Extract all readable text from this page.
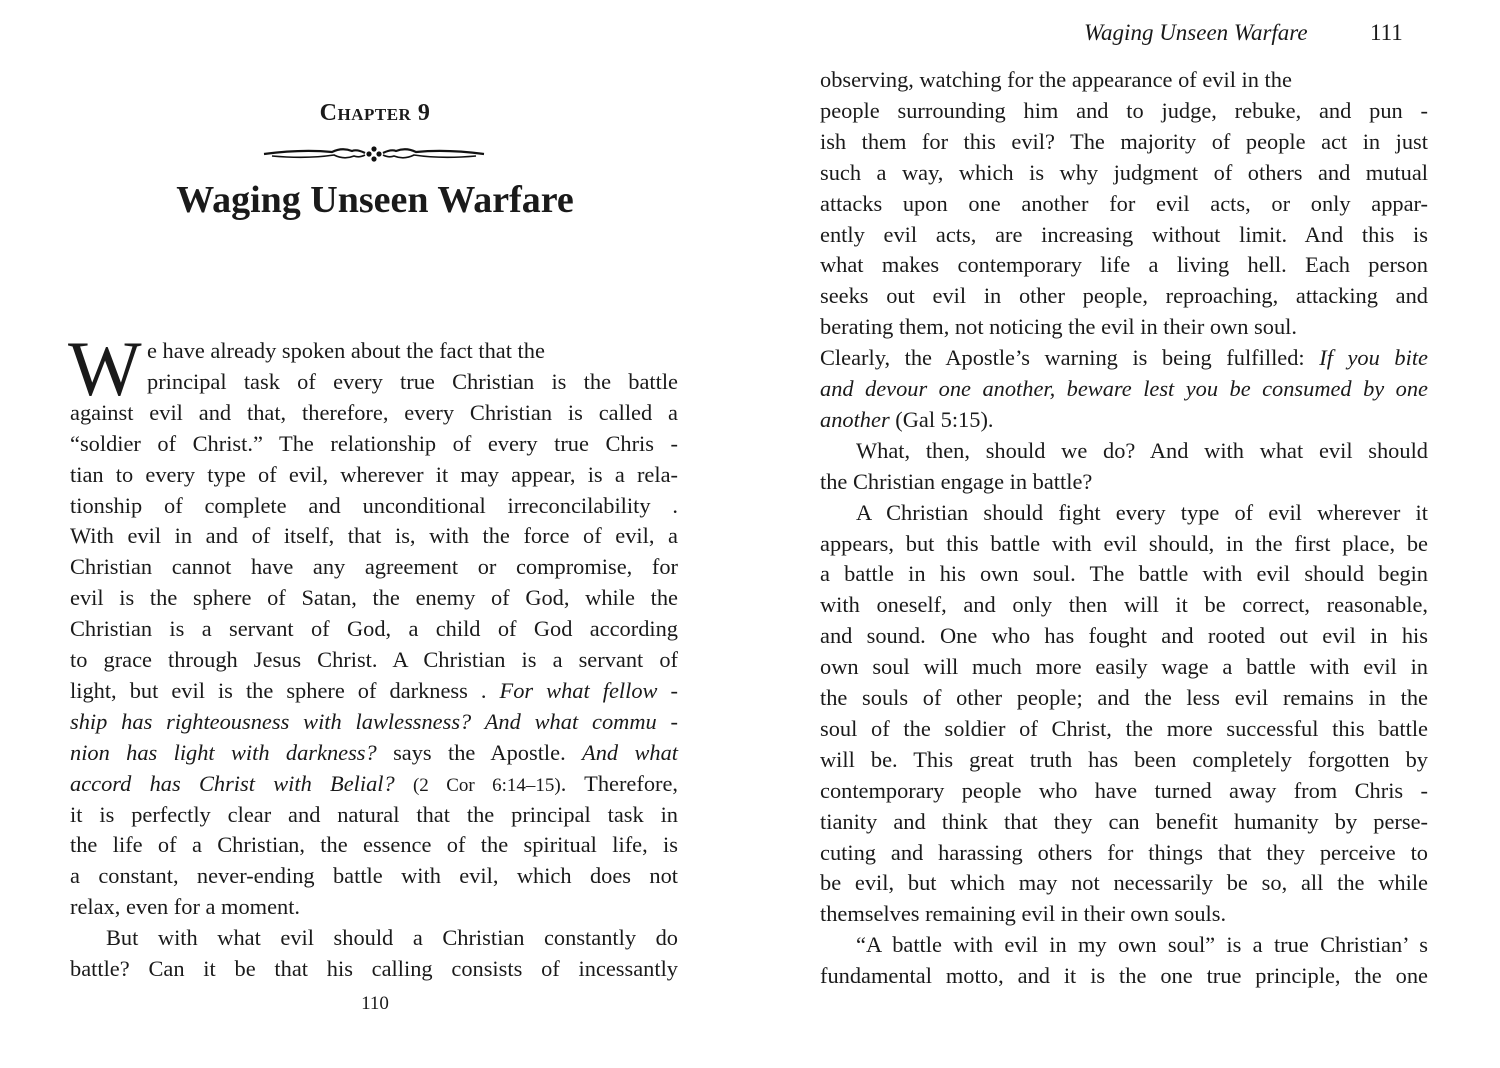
Chapter 9
Waging Unseen Warfare
W e have already spoken about the fact that the
principal task of every true Christian is the battle
against evil and that, therefore, every Christian is called a
“soldier of Christ.” The relationship of every true Chris -
tian to every type of evil, wherever it may appear, is a rela-
tionship of complete and unconditional irreconcilability .
With evil in and of itself, that is, with the force of evil, a
Christian cannot have any agreement or compromise, for
evil is the sphere of Satan, the enemy of God, while the
Christian is a servant of God, a child of God according
to grace through Jesus Christ. A Christian is a servant of
light, but evil is the sphere of darkness . For what fellow -
ship has righteousness with lawlessness? And what commu -
nion has light with darkness? says the Apostle. And what
accord has Christ with Belial? (2 Cor 6:14–15). Therefore,
it is perfectly clear and natural that the principal task in
the life of a Christian, the essence of the spiritual life, is
a constant, never-ending battle with evil, which does not
relax, even for a moment.
But with what evil should a Christian constantly do
battle? Can it be that his calling consists of incessantly
110
Waging Unseen Warfare	111
observing, watching for the appearance of evil in the
people surrounding him and to judge, rebuke, and pun -
ish them for this evil? The majority of people act in just
such a way, which is why judgment of others and mutual
attacks upon one another for evil acts, or only appar-
ently evil acts, are increasing without limit. And this is
what makes contemporary life a living hell. Each person
seeks out evil in other people, reproaching, attacking and
berating them, not noticing the evil in their own soul.
Clearly, the Apostle’s warning is being fulfilled: If you bite
and devour one another, beware lest you be consumed by one
another (Gal 5:15).
What, then, should we do? And with what evil should
the Christian engage in battle?
A Christian should fight every type of evil wherever it
appears, but this battle with evil should, in the first place, be
a battle in his own soul. The battle with evil should begin
with oneself, and only then will it be correct, reasonable,
and sound. One who has fought and rooted out evil in his
own soul will much more easily wage a battle with evil in
the souls of other people; and the less evil remains in the
soul of the soldier of Christ, the more successful this battle
will be. This great truth has been completely forgotten by
contemporary people who have turned away from Chris -
tianity and think that they can benefit humanity by perse-
cuting and harassing others for things that they perceive to
be evil, but which may not necessarily be so, all the while
themselves remaining evil in their own souls.
“A battle with evil in my own soul” is a true Christian’ s
fundamental motto, and it is the one true principle, the one
